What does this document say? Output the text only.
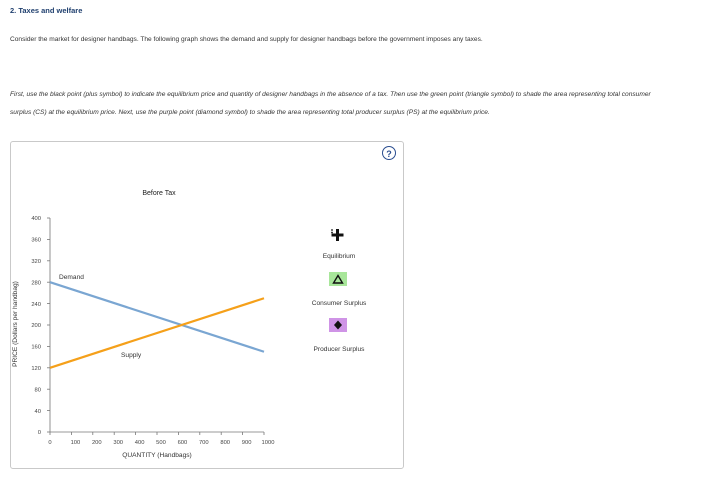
2. Taxes and welfare
Consider the market for designer handbags. The following graph shows the demand and supply for designer handbags before the government imposes any taxes.
First, use the black point (plus symbol) to indicate the equilibrium price and quantity of designer handbags in the absence of a tax. Then use the green point (triangle symbol) to shade the area representing total consumer surplus (CS) at the equilibrium price. Next, use the purple point (diamond symbol) to shade the area representing total producer surplus (PS) at the equilibrium price.
?
Before Tax
0
40
80
120
160
200
240
280
320
360
400
0	100 200 300 400 500 600 700 800 900 1000
QUANTITY (Handbags)
PRICE (Dollars per handbag)
Demand
Supply
Equilibrium
Consumer Surplus
Producer Surplus
